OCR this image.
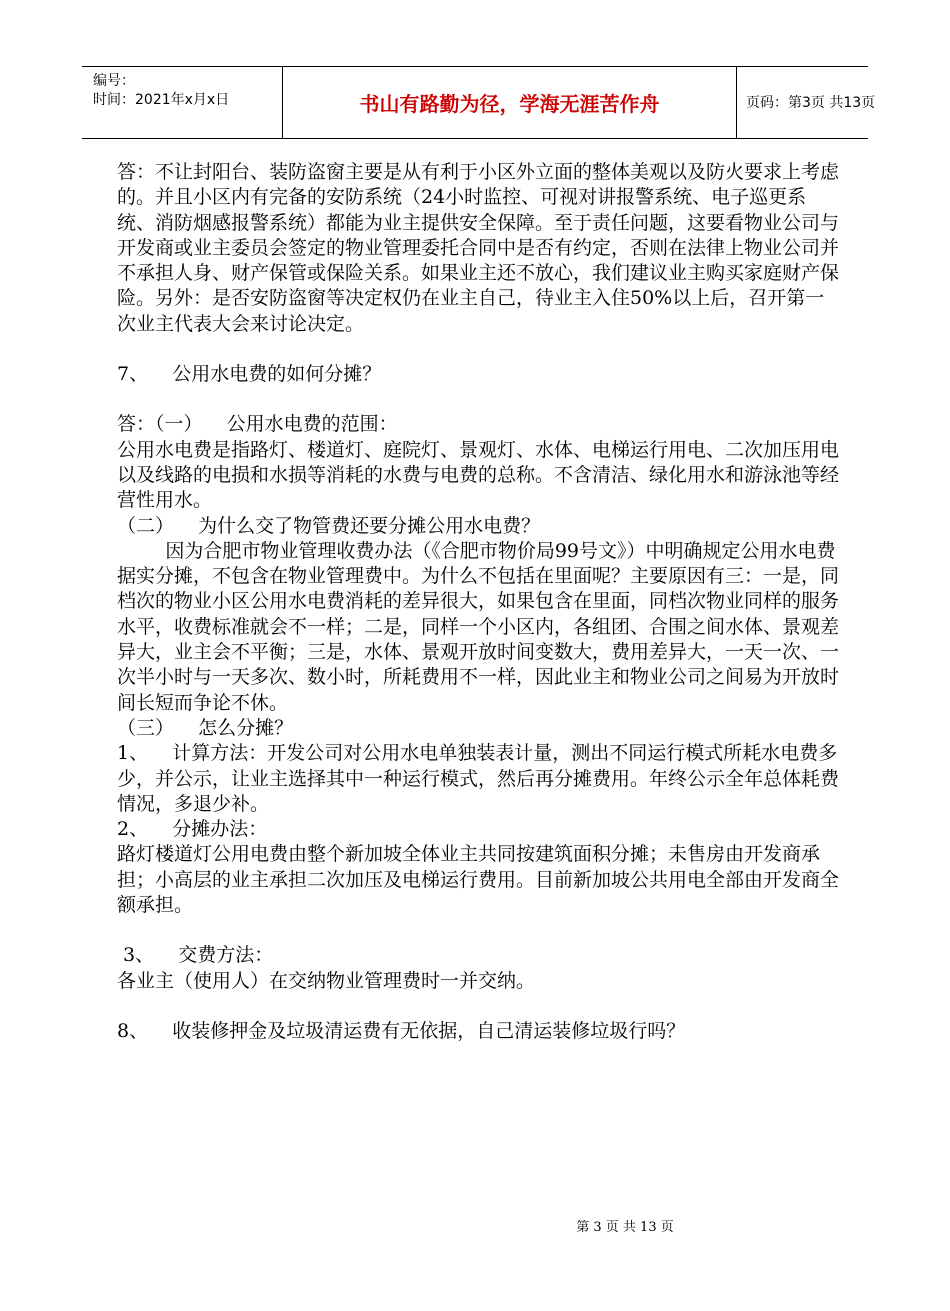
编号：
时间：2021年x月x日	书山有路勤为径，学海无涯苦作舟	页码：第3页 共13页

答：不让封阳台、装防盗窗主要是从有利于小区外立面的整体美观以及防火要求上考虑的。并且小区内有完备的安防系统（24小时监控、可视对讲报警系统、电子巡更系统、消防烟感报警系统）都能为业主提供安全保障。至于责任问题，这要看物业公司与开发商或业主委员会签定的物业管理委托合同中是否有约定，否则在法律上物业公司并不承担人身、财产保管或保险关系。如果业主还不放心，我们建议业主购买家庭财产保险。另外：是否安防盗窗等决定权仍在业主自己，待业主入住50%以上后，召开第一次业主代表大会来讨论决定。

7、    公用水电费的如何分摊？

答：（一）    公用水电费的范围：

公用水电费是指路灯、楼道灯、庭院灯、景观灯、水体、电梯运行用电、二次加压用电以及线路的电损和水损等消耗的水费与电费的总称。不含清洁、绿化用水和游泳池等经营性用水。

（二）    为什么交了物管费还要分摊公用水电费？

因为合肥市物业管理收费办法（《合肥市物价局99号文》）中明确规定公用水电费据实分摊，不包含在物业管理费中。为什么不包括在里面呢？主要原因有三：一是，同档次的物业小区公用水电费消耗的差异很大，如果包含在里面，同档次物业同样的服务水平，收费标准就会不一样；二是，同样一个小区内，各组团、合围之间水体、景观差异大，业主会不平衡；三是，水体、景观开放时间变数大，费用差异大，一天一次、一次半小时与一天多次、数小时，所耗费用不一样，因此业主和物业公司之间易为开放时间长短而争论不休。

（三）    怎么分摊？

1、    计算方法：开发公司对公用水电单独装表计量，测出不同运行模式所耗水电费多少，并公示，让业主选择其中一种运行模式，然后再分摊费用。年终公示全年总体耗费情况，多退少补。

2、    分摊办法：

路灯楼道灯公用电费由整个新加坡全体业主共同按建筑面积分摊；未售房由开发商承担；小高层的业主承担二次加压及电梯运行费用。目前新加坡公共用电全部由开发商全额承担。

3、    交费方法：

各业主（使用人）在交纳物业管理费时一并交纳。

8、    收装修押金及垃圾清运费有无依据，自己清运装修垃圾行吗？

第 3 页 共 13 页
